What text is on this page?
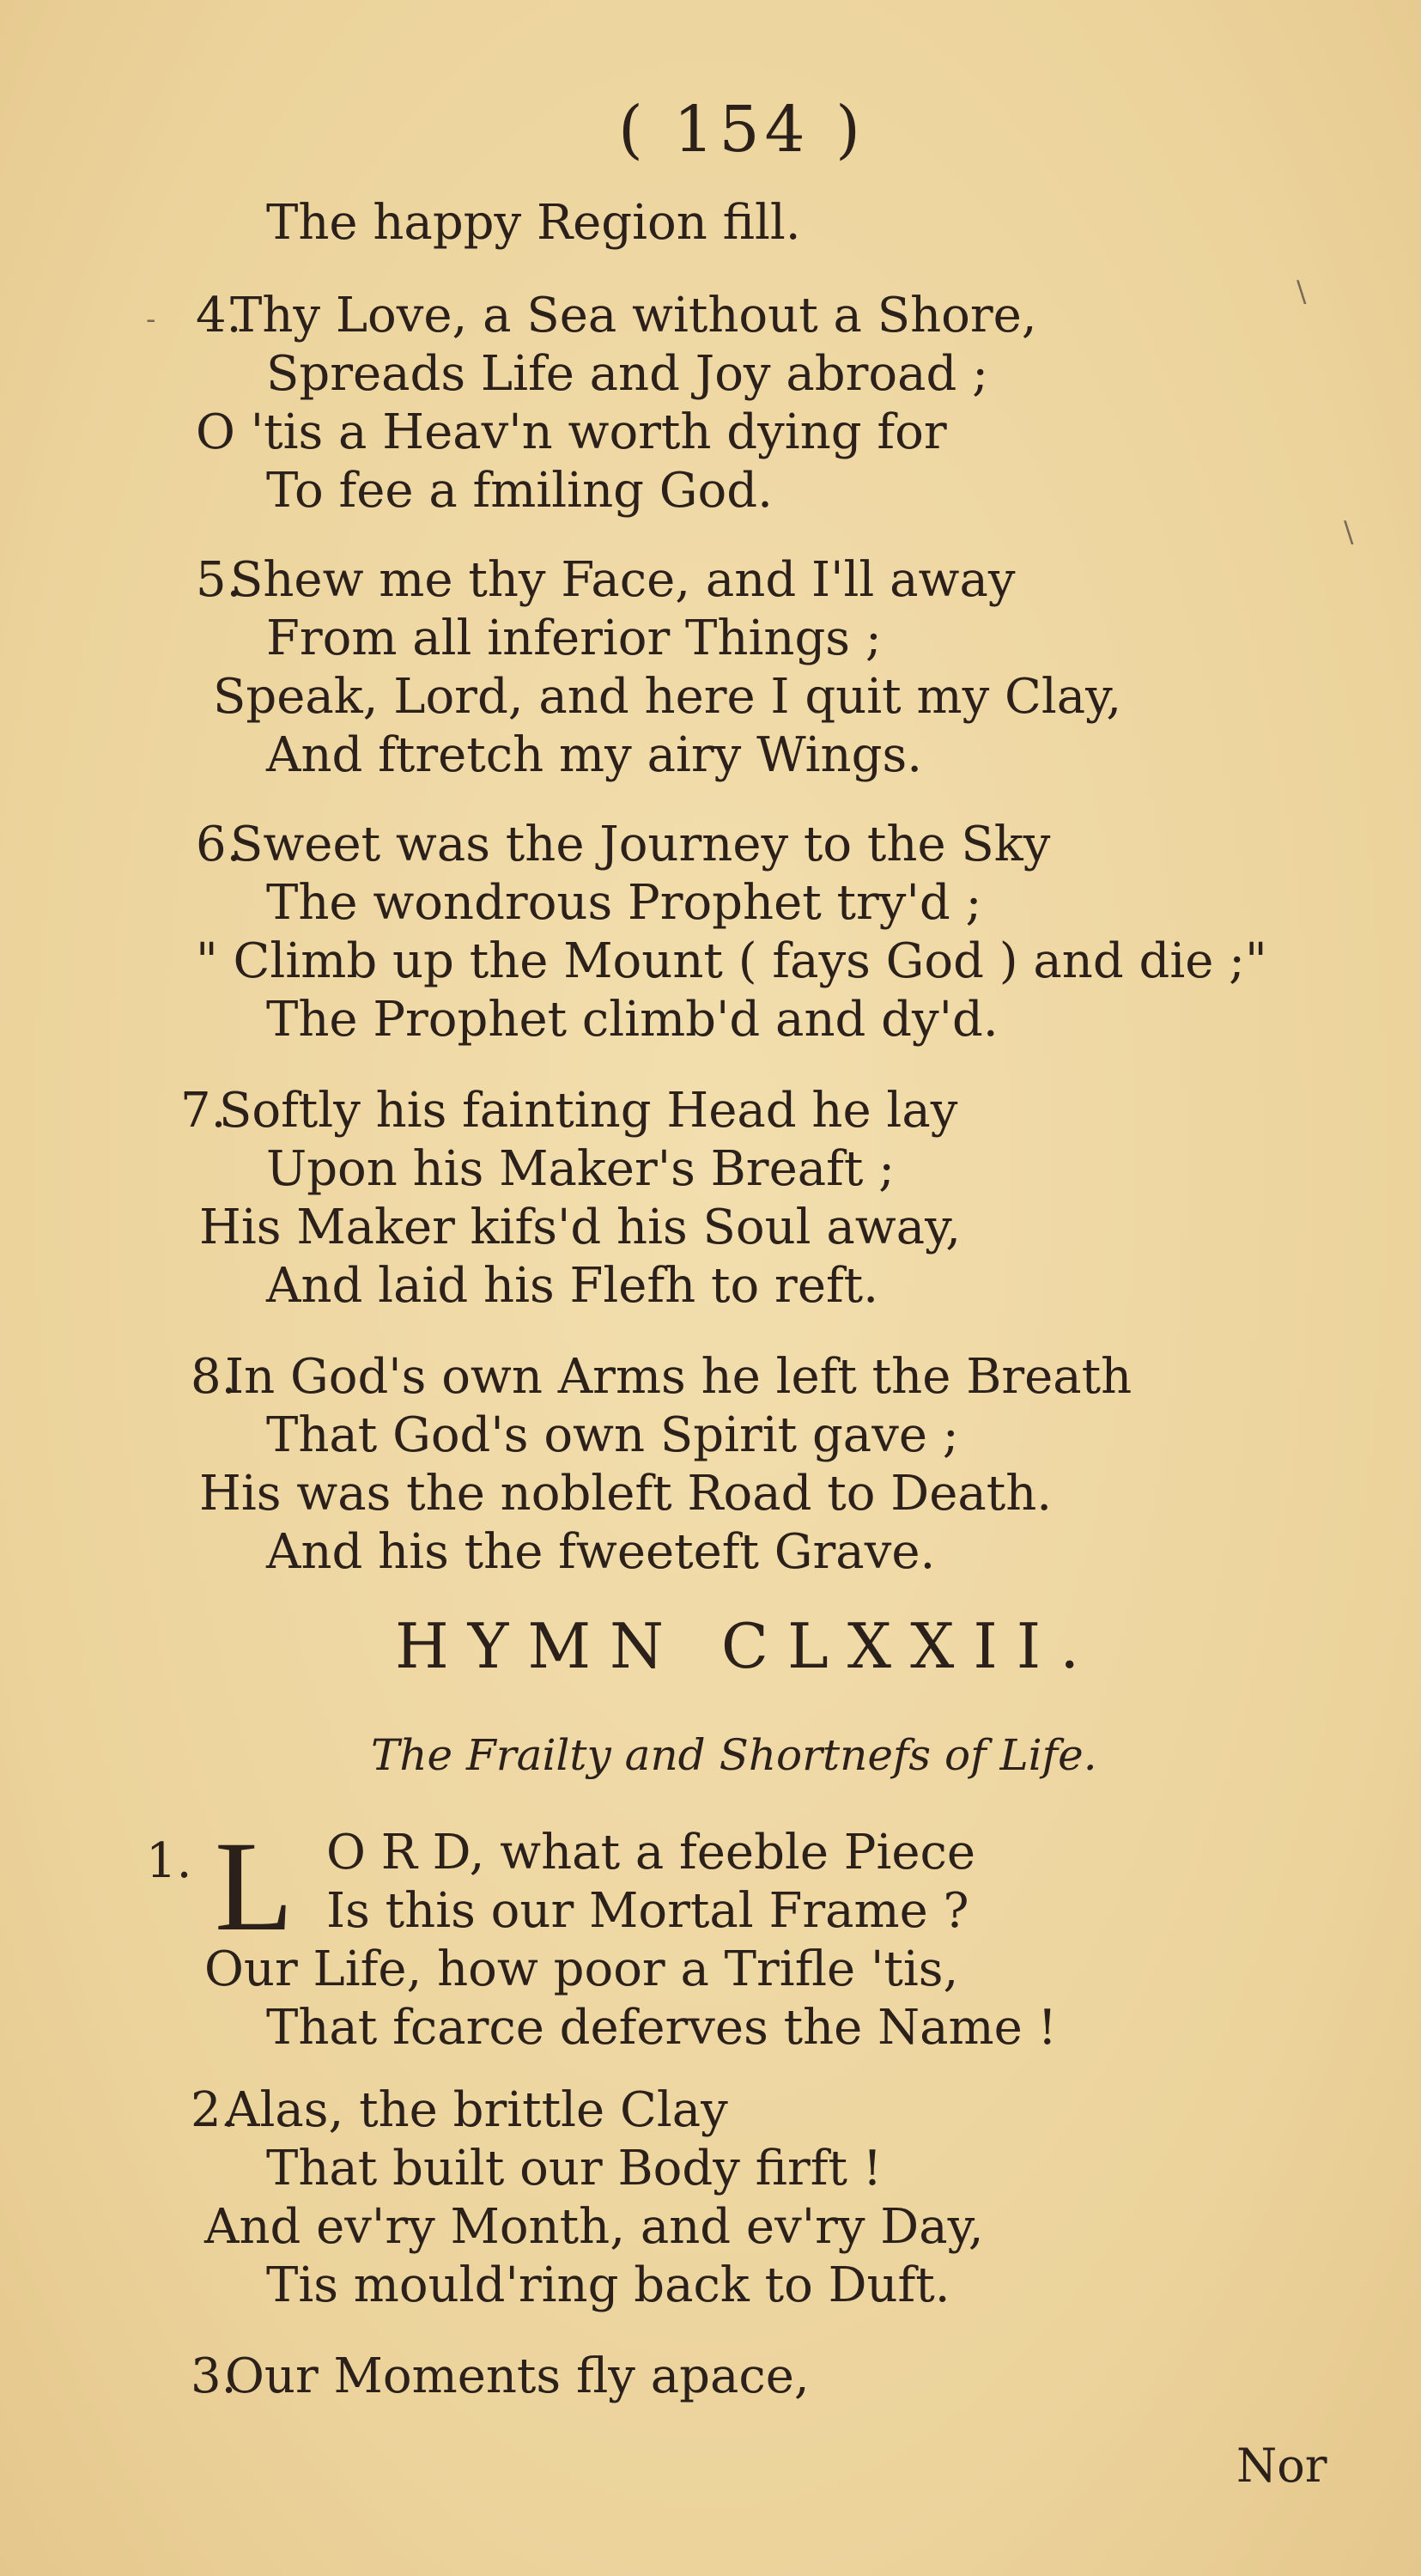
( 154 )

The happy Region fill.

4.

Thy Love, a Sea without a Shore,

Spreads Life and Joy abroad ;

O 'tis a Heav'n worth dying for

To fee a fmiling God.

5.

Shew me thy Face, and I'll away

From all inferior Things ;

Speak, Lord, and here I quit my Clay,

And ftretch my airy Wings.

6.

Sweet was the Journey to the Sky

The wondrous Prophet try'd ;

" Climb up the Mount ( fays God ) and die ;"

The Prophet climb'd and dy'd.

7.

Softly his fainting Head he lay

Upon his Maker's Breaft ;

His Maker kifs'd his Soul away,

And laid his Flefh to reft.

8.

In God's own Arms he left the Breath

That God's own Spirit gave ;

His was the nobleft Road to Death.

And his the fweeteft Grave.

HYMN CLXXII.

The Frailty and Shortnefs of Life.

1. L O R D, what a feeble Piece

Is this our Mortal Frame ?

Our Life, how poor a Trifle 'tis,

That fcarce deferves the Name !

2.

Alas, the brittle Clay

That built our Body firft !

And ev'ry Month, and ev'ry Day,

Tis mould'ring back to Duft.

3.

Our Moments fly apace,

Nor
\
\
-
